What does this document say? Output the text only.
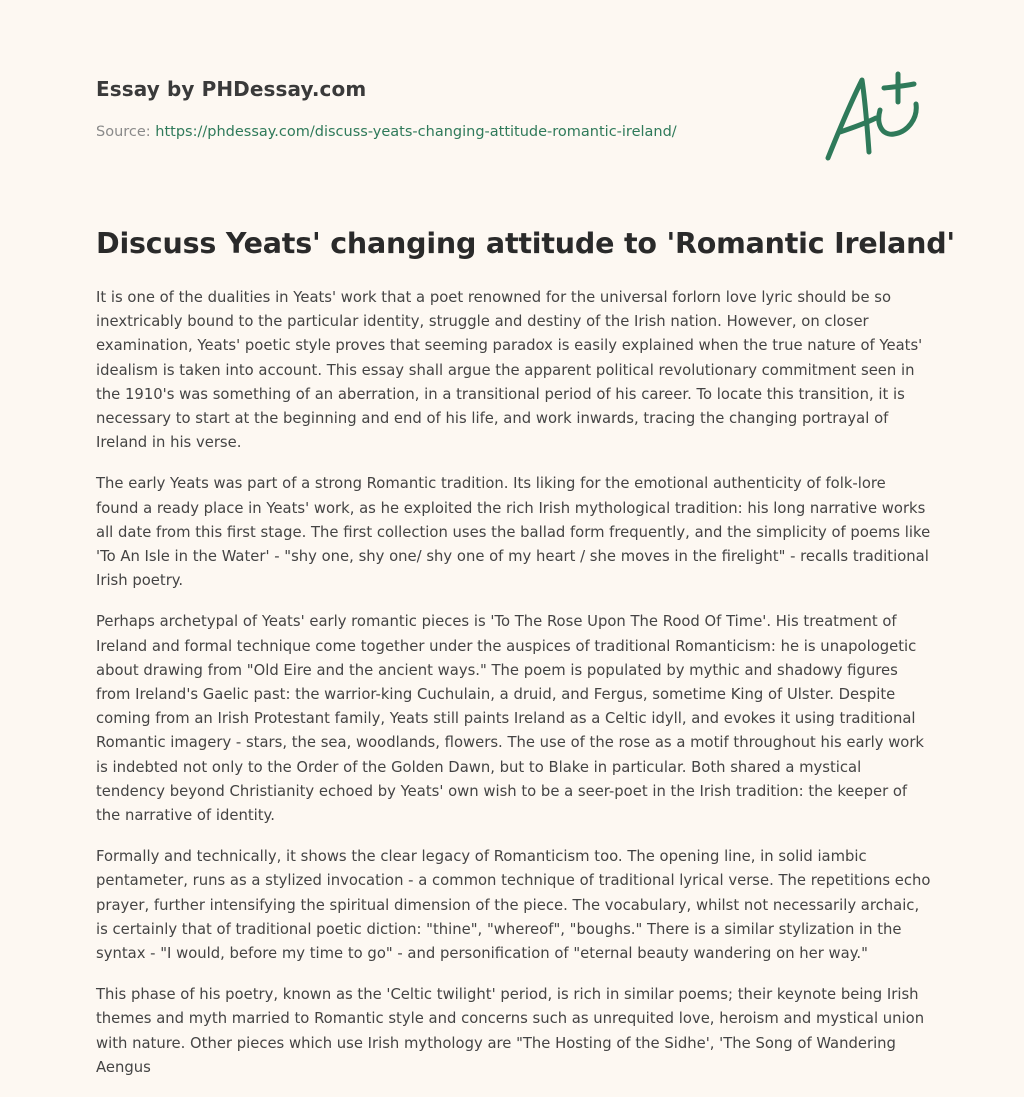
Essay by PHDessay.com
Source: https://phdessay.com/discuss-yeats-changing-attitude-romantic-ireland/
Discuss Yeats' changing attitude to 'Romantic Ireland'

It is one of the dualities in Yeats' work that a poet renowned for the universal forlorn love lyric should be so inextricably bound to the particular identity, struggle and destiny of the Irish nation. However, on closer examination, Yeats' poetic style proves that seeming paradox is easily explained when the true nature of Yeats' idealism is taken into account. This essay shall argue the apparent political revolutionary commitment seen in the 1910's was something of an aberration, in a transitional period of his career. To locate this transition, it is necessary to start at the beginning and end of his life, and work inwards, tracing the changing portrayal of Ireland in his verse.

The early Yeats was part of a strong Romantic tradition. Its liking for the emotional authenticity of folk-lore found a ready place in Yeats' work, as he exploited the rich Irish mythological tradition: his long narrative works all date from this first stage. The first collection uses the ballad form frequently, and the simplicity of poems like 'To An Isle in the Water' - "shy one, shy one/ shy one of my heart / she moves in the firelight" - recalls traditional Irish poetry.

Perhaps archetypal of Yeats' early romantic pieces is 'To The Rose Upon The Rood Of Time'. His treatment of Ireland and formal technique come together under the auspices of traditional Romanticism: he is unapologetic about drawing from "Old Eire and the ancient ways." The poem is populated by mythic and shadowy figures from Ireland's Gaelic past: the warrior-king Cuchulain, a druid, and Fergus, sometime King of Ulster. Despite coming from an Irish Protestant family, Yeats still paints Ireland as a Celtic idyll, and evokes it using traditional Romantic imagery - stars, the sea, woodlands, flowers. The use of the rose as a motif throughout his early work is indebted not only to the Order of the Golden Dawn, but to Blake in particular. Both shared a mystical tendency beyond Christianity echoed by Yeats' own wish to be a seer-poet in the Irish tradition: the keeper of the narrative of identity.

Formally and technically, it shows the clear legacy of Romanticism too. The opening line, in solid iambic pentameter, runs as a stylized invocation - a common technique of traditional lyrical verse. The repetitions echo prayer, further intensifying the spiritual dimension of the piece. The vocabulary, whilst not necessarily archaic, is certainly that of traditional poetic diction: "thine", "whereof", "boughs." There is a similar stylization in the syntax - "I would, before my time to go" - and personification of "eternal beauty wandering on her way."

This phase of his poetry, known as the 'Celtic twilight' period, is rich in similar poems; their keynote being Irish themes and myth married to Romantic style and concerns such as unrequited love, heroism and mystical union with nature. Other pieces which use Irish mythology are "The Hosting of the Sidhe', 'The Song of Wandering Aengus
